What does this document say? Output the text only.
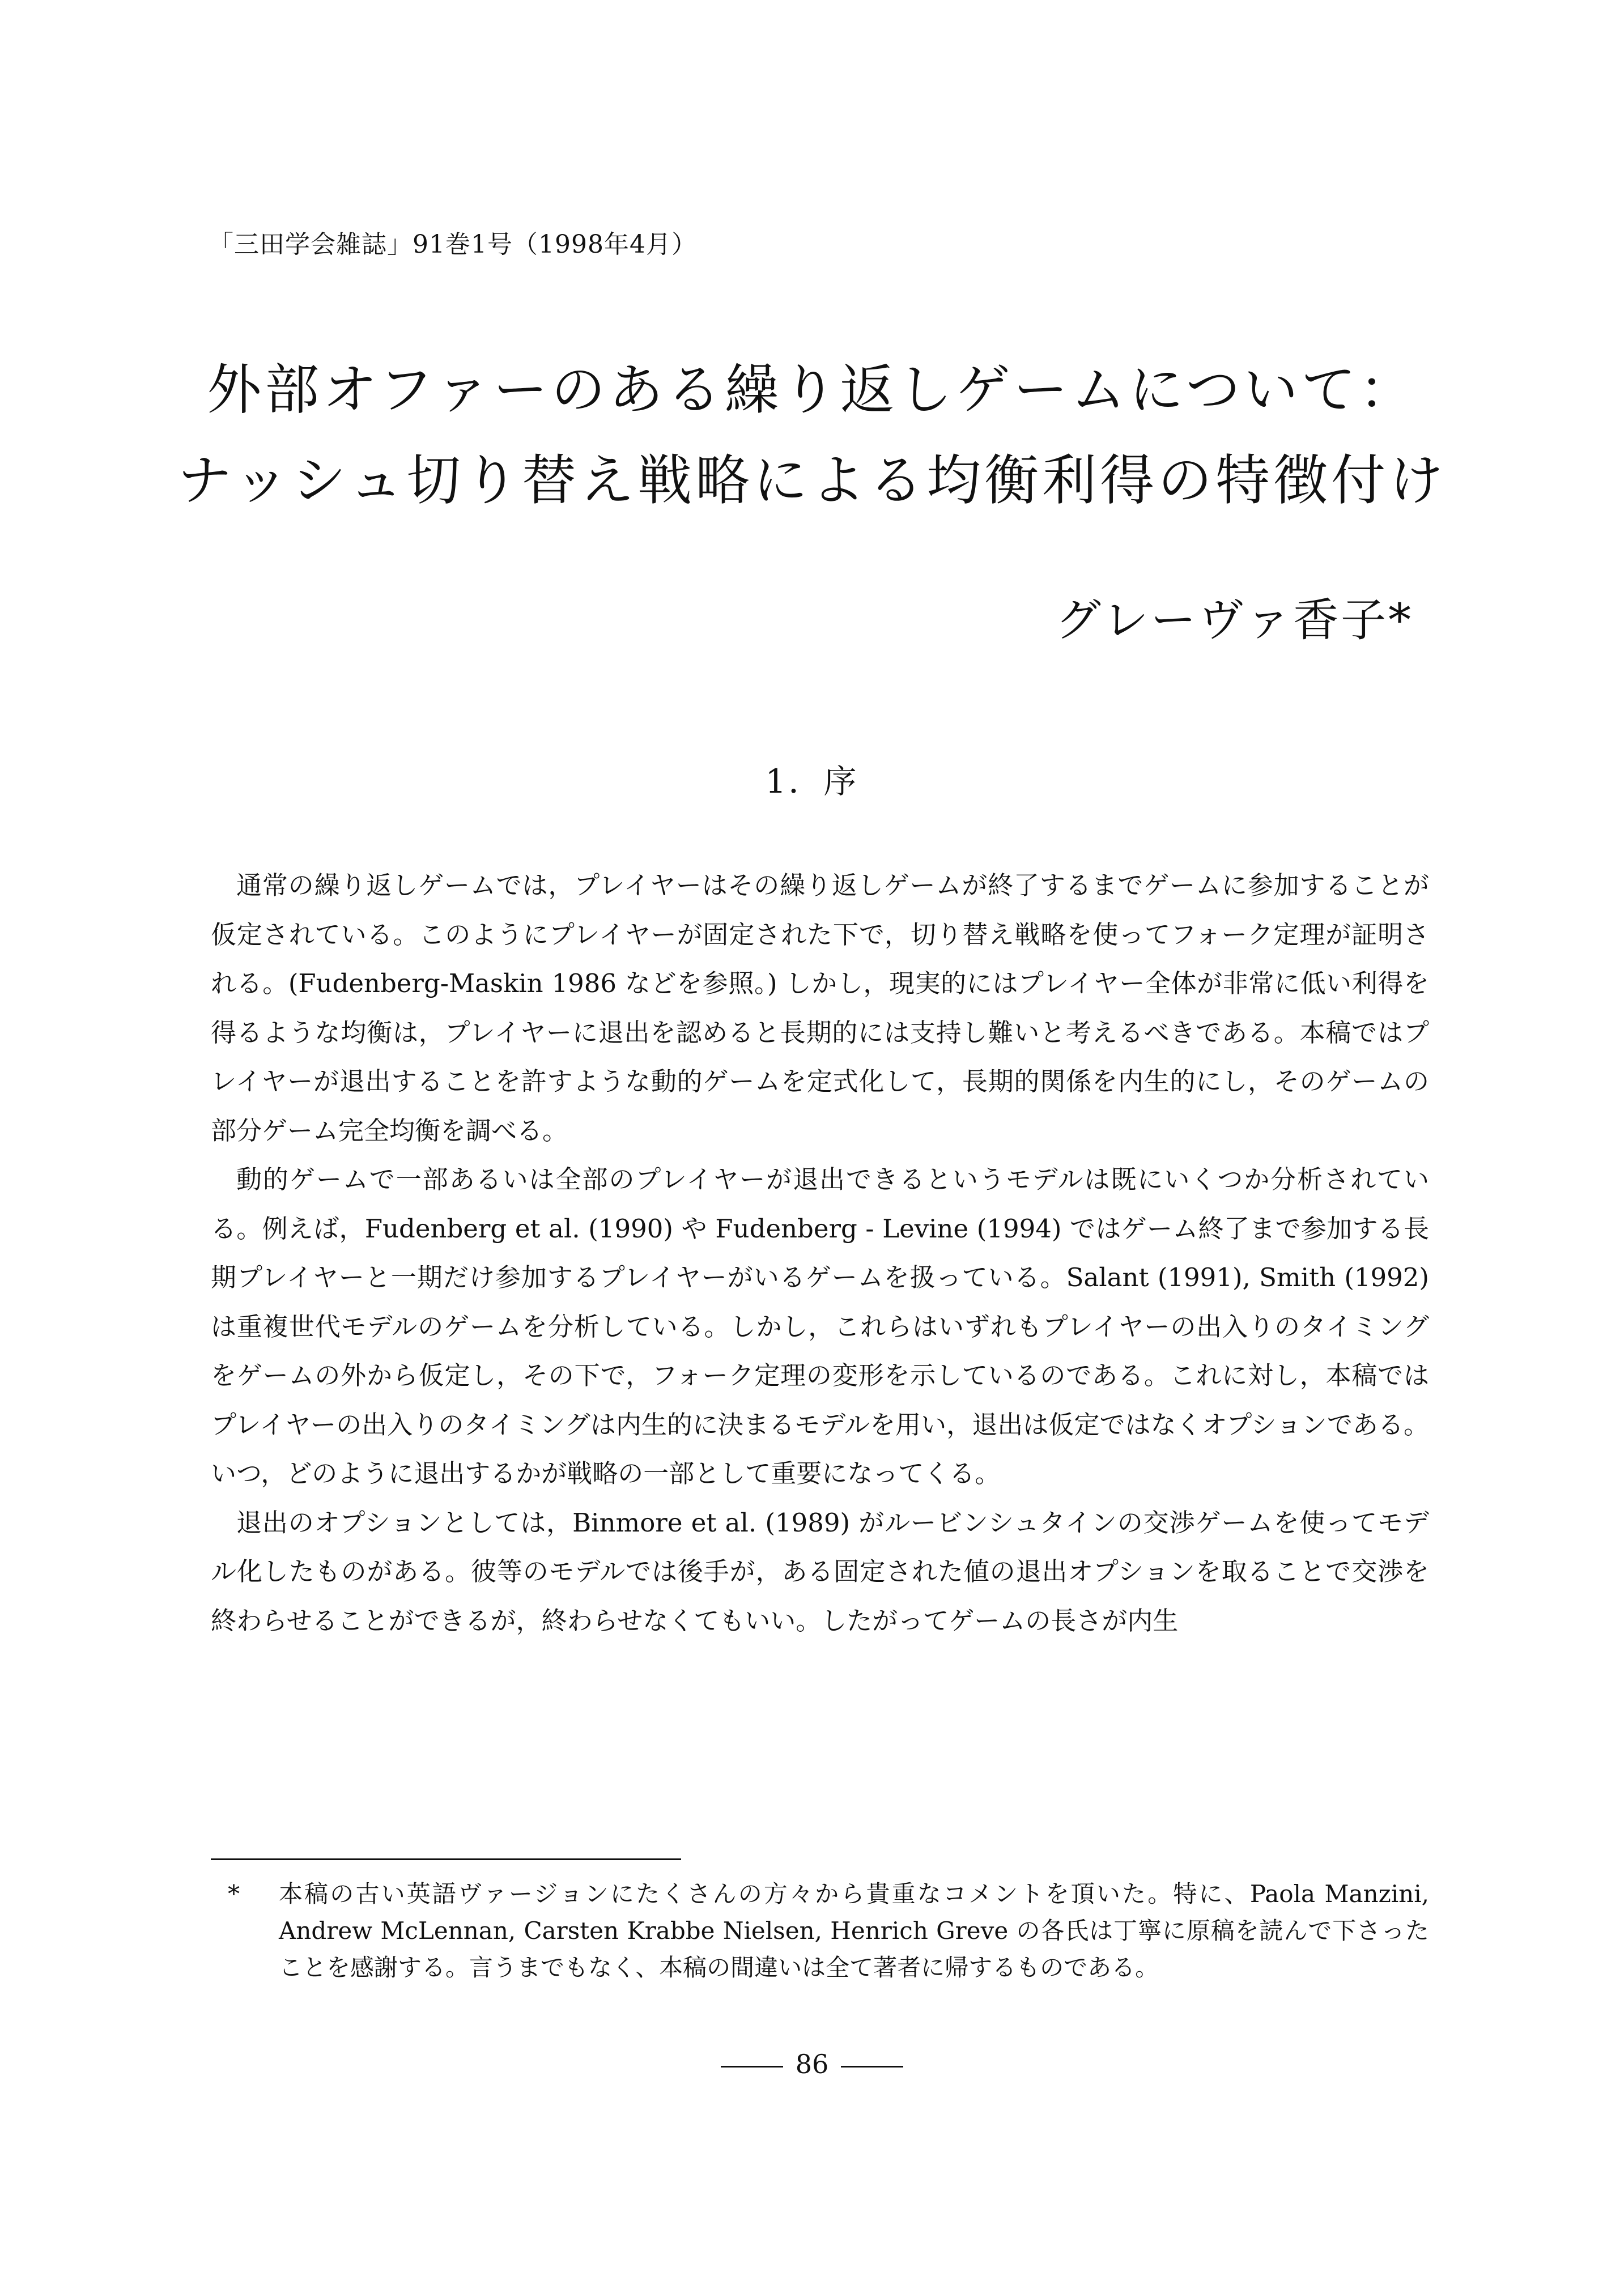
「三田学会雑誌」91巻1号（1998年4月）
外部オファーのある繰り返しゲームについて：
ナッシュ切り替え戦略による均衡利得の特徴付け
グレーヴァ香子*
1．序

通常の繰り返しゲームでは，プレイヤーはその繰り返しゲームが終了するまでゲームに参加することが仮定されている。このようにプレイヤーが固定された下で，切り替え戦略を使ってフォーク定理が証明される。(Fudenberg-Maskin 1986 などを参照。) しかし，現実的にはプレイヤー全体が非常に低い利得を得るような均衡は，プレイヤーに退出を認めると長期的には支持し難いと考えるべきである。本稿ではプレイヤーが退出することを許すような動的ゲームを定式化して，長期的関係を内生的にし，そのゲームの部分ゲーム完全均衡を調べる。

動的ゲームで一部あるいは全部のプレイヤーが退出できるというモデルは既にいくつか分析されている。例えば，Fudenberg et al. (1990) や Fudenberg - Levine (1994) ではゲーム終了まで参加する長期プレイヤーと一期だけ参加するプレイヤーがいるゲームを扱っている。Salant (1991), Smith (1992) は重複世代モデルのゲームを分析している。しかし，これらはいずれもプレイヤーの出入りのタイミングをゲームの外から仮定し，その下で，フォーク定理の変形を示しているのである。これに対し，本稿ではプレイヤーの出入りのタイミングは内生的に決まるモデルを用い，退出は仮定ではなくオプションである。いつ，どのように退出するかが戦略の一部として重要になってくる。

退出のオプションとしては，Binmore et al. (1989) がルービンシュタインの交渉ゲームを使ってモデル化したものがある。彼等のモデルでは後手が，ある固定された値の退出オプションを取ることで交渉を終わらせることができるが，終わらせなくてもいい。したがってゲームの長さが内生

*	本稿の古い英語ヴァージョンにたくさんの方々から貴重なコメントを頂いた。特に、Paola Manzini, Andrew McLennan, Carsten Krabbe Nielsen, Henrich Greve の各氏は丁寧に原稿を読んで下さったことを感謝する。言うまでもなく、本稿の間違いは全て著者に帰するものである。
86
